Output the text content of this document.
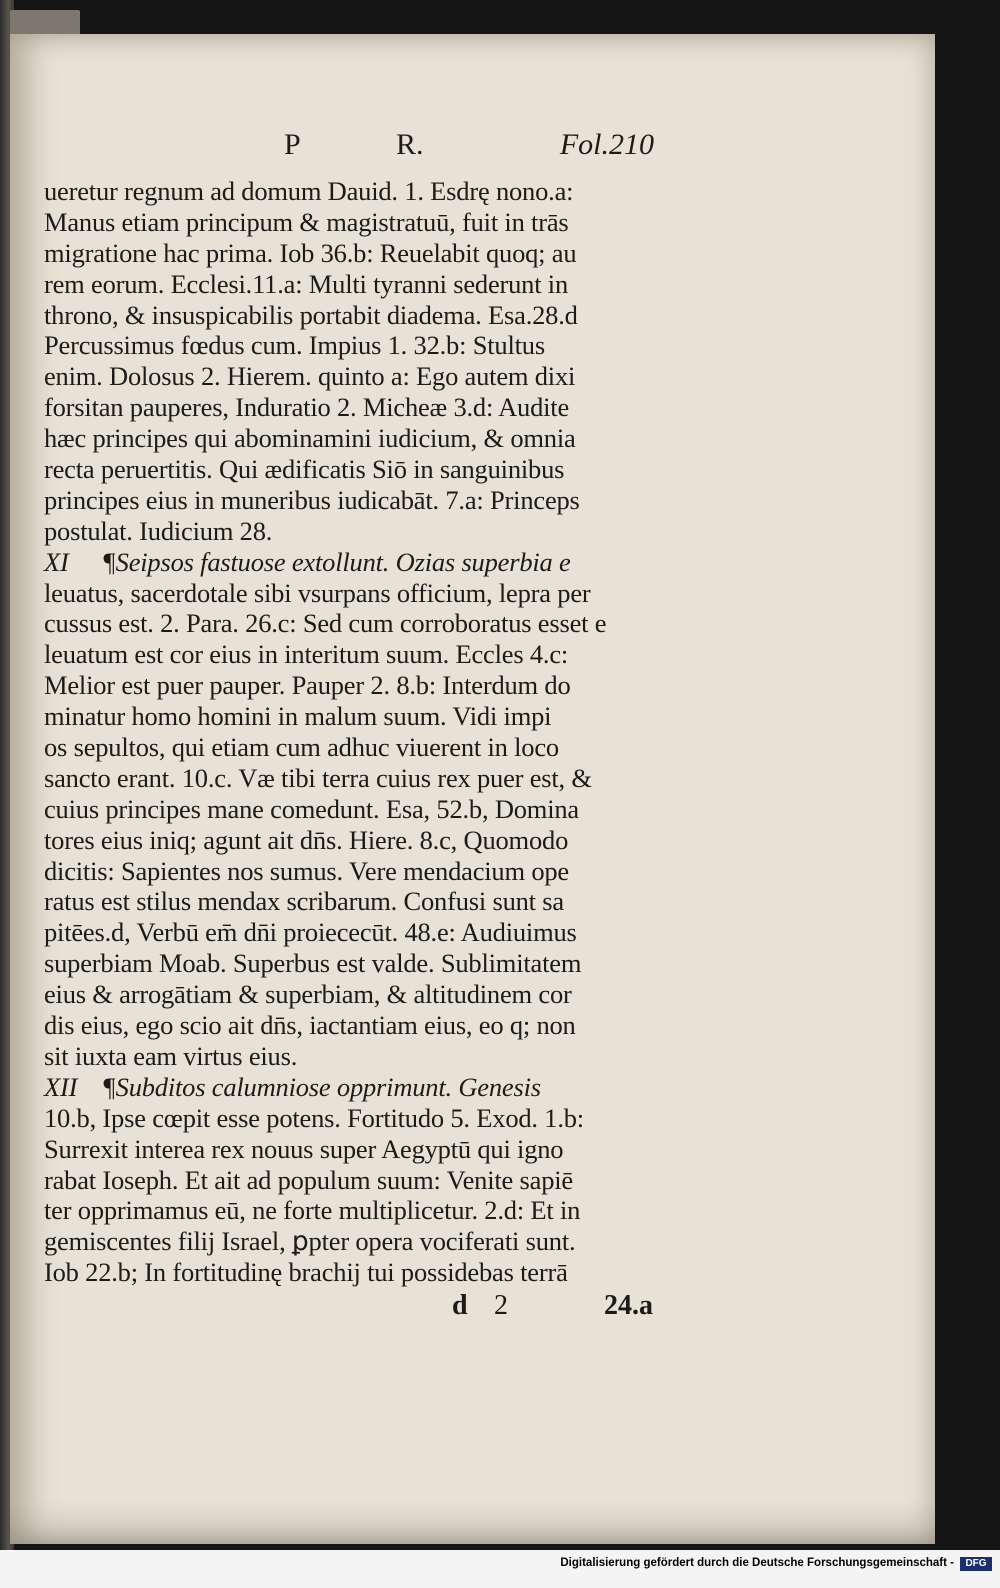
P	R.	Fol.210
ueretur regnum ad domum Dauid. 1. Esdrę nono.a:
Manus etiam principum & magistratuū, fuit in trās
migratione hac prima. Iob 36.b: Reuelabit quoq; au
rem eorum. Ecclesi.11.a: Multi tyranni sederunt in
throno, & insuspicabilis portabit diadema. Esa.28.d
Percussimus fœdus cum. Impius 1. 32.b: Stultus
enim. Dolosus 2. Hierem. quinto a: Ego autem dixi
forsitan pauperes, Induratio 2. Micheæ 3.d: Audite
hæc principes qui abominamini iudicium, & omnia
recta peruertitis. Qui ædificatis Siō in sanguinibus
principes eius in muneribus iudicabāt. 7.a: Princeps
postulat. Iudicium 28.
XI ¶Seipsos fastuose extollunt. Ozias superbia e
leuatus, sacerdotale sibi vsurpans officium, lepra per
cussus est. 2. Para. 26.c: Sed cum corroboratus esset e
leuatum est cor eius in interitum suum. Eccles 4.c:
Melior est puer pauper. Pauper 2. 8.b: Interdum do
minatur homo homini in malum suum. Vidi impi
os sepultos, qui etiam cum adhuc viuerent in loco
sancto erant. 10.c. Væ tibi terra cuius rex puer est, &
cuius principes mane comedunt. Esa, 52.b, Domina
tores eius iniq; agunt ait dn̄s. Hiere. 8.c, Quomodo
dicitis: Sapientes nos sumus. Vere mendacium ope
ratus est stilus mendax scribarum. Confusi sunt sa
pitēes.d, Verbū em̄ dn̄i proiececūt. 48.e: Audiuimus
superbiam Moab. Superbus est valde. Sublimitatem
eius & arrogātiam & superbiam, & altitudinem cor
dis eius, ego scio ait dn̄s, iactantiam eius, eo q; non
sit iuxta eam virtus eius.
XII ¶Subditos calumniose opprimunt. Genesis
10.b, Ipse cœpit esse potens. Fortitudo 5. Exod. 1.b:
Surrexit interea rex nouus super Aegyptū qui igno
rabat Ioseph. Et ait ad populum suum: Venite sapiē
ter opprimamus eū, ne forte multiplicetur. 2.d: Et in
gemiscentes filij Israel, ꝑpter opera vociferati sunt.
Iob 22.b; In fortitudinę brachij tui possidebas terrā
d 2	24.a
Digitalisierung gefördert durch die Deutsche Forschungsgemeinschaft -	DFG
